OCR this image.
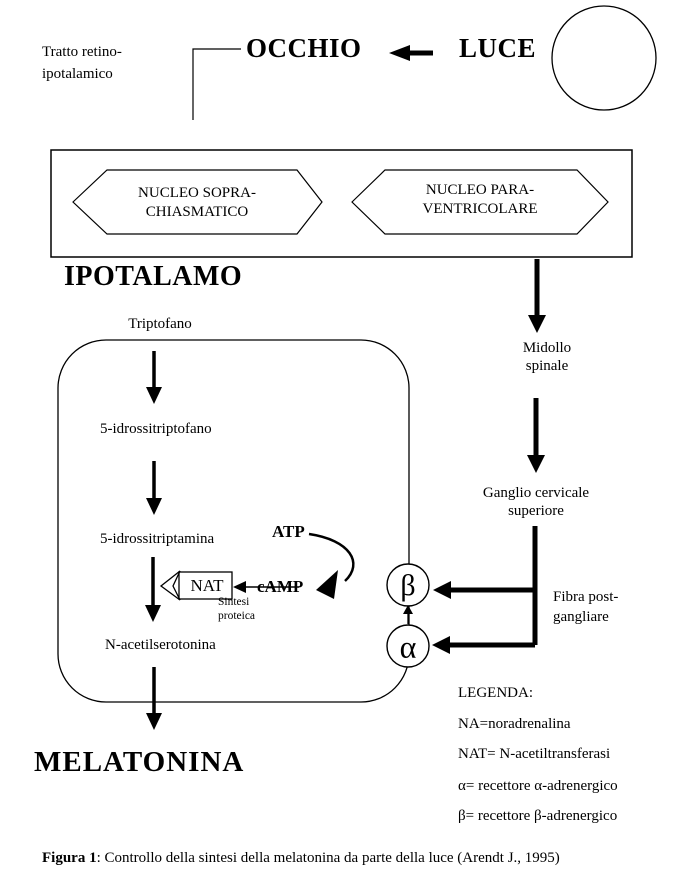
Tratto retino-
ipotalamico
OCCHIO	LUCE
NUCLEO SOPRA-
CHIASMATICO
NUCLEO PARA-
VENTRICOLARE
IPOTALAMO
Midollo
spinale
Ganglio cervicale
superiore
Fibra post-
gangliare
Triptofano
5-idrossitriptofano
5-idrossitriptamina	ATP
cAMP
NAT
Sintesi
proteica
N-acetilserotonina
MELATONINA
β
α
LEGENDA:
NA=noradrenalina
NAT= N-acetiltransferasi
α= recettore α-adrenergico
β= recettore β-adrenergico
Figura 1: Controllo della sintesi della melatonina da parte della luce (Arendt J., 1995)
